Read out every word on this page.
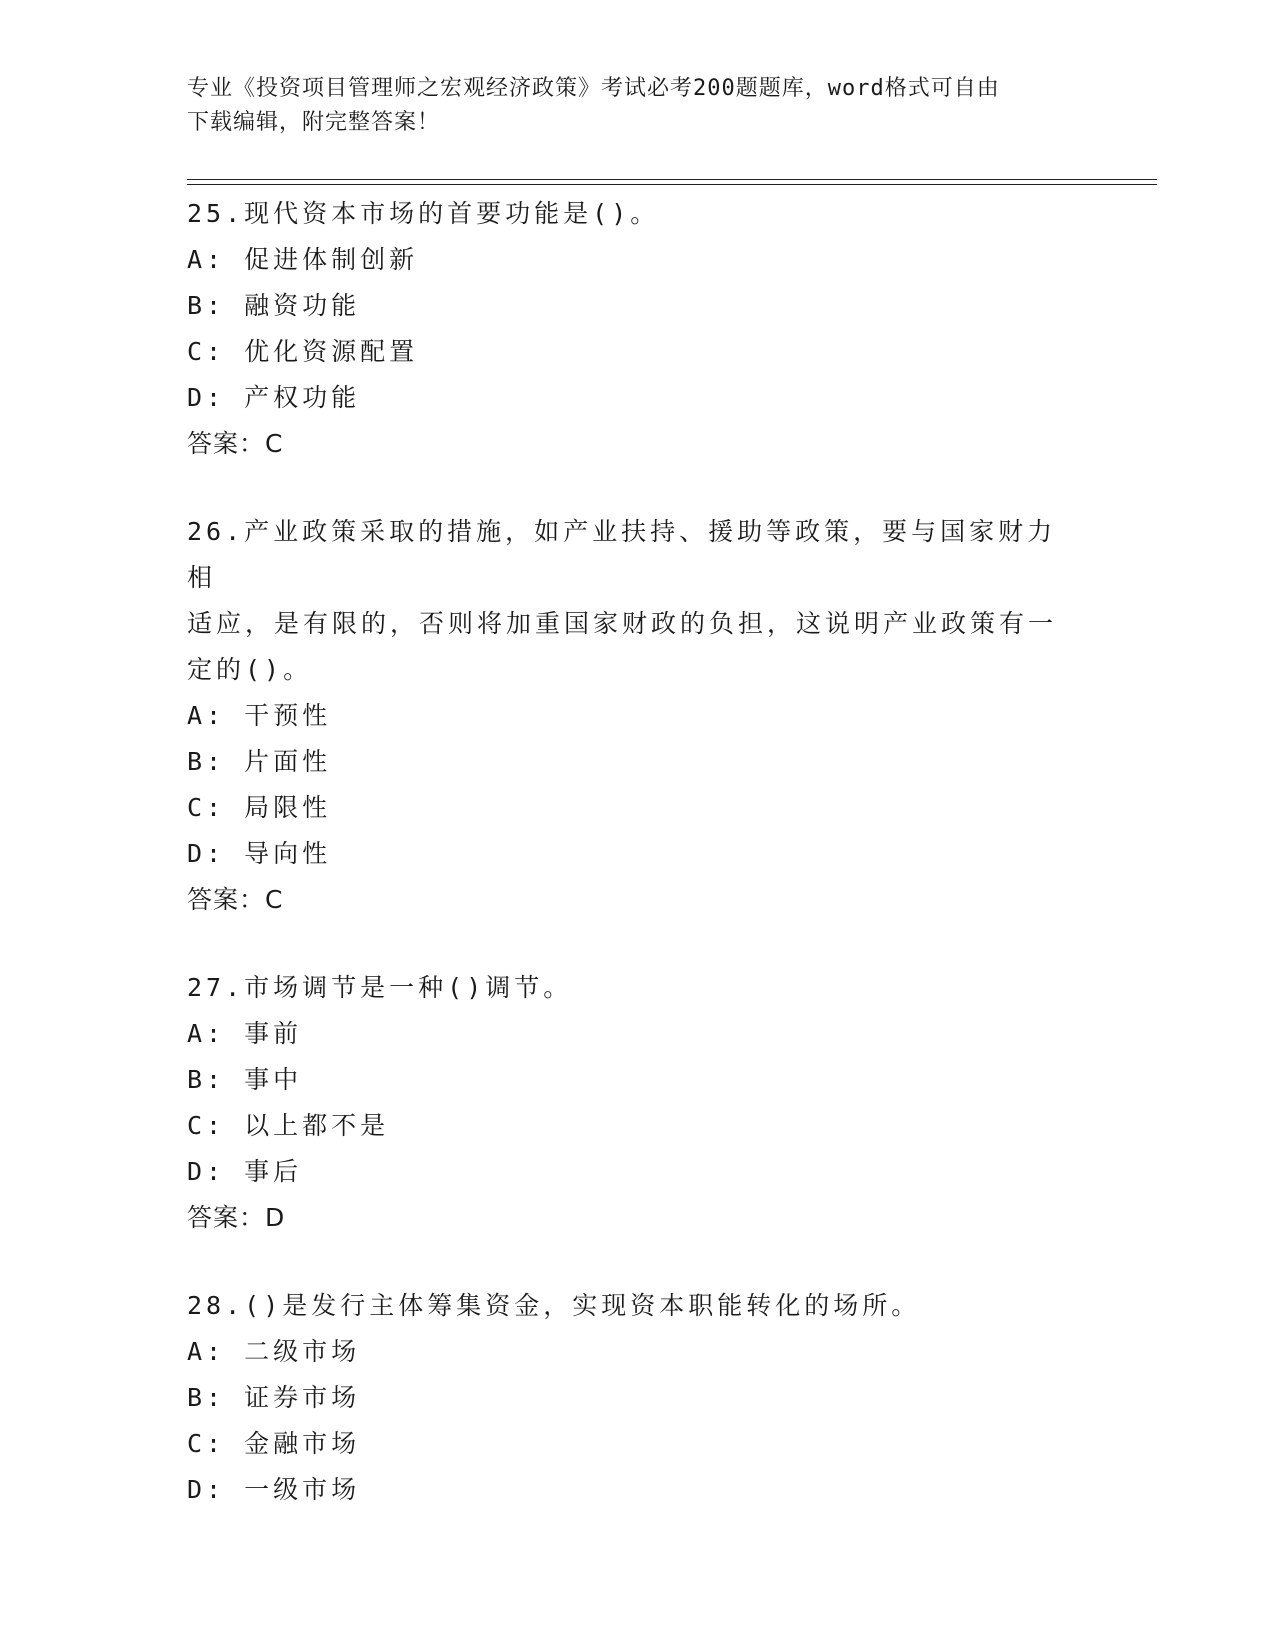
专业《投资项目管理师之宏观经济政策》考试必考200题题库，word格式可自由
下载编辑，附完整答案！

25.现代资本市场的首要功能是()。

A: 促进体制创新

B: 融资功能

C: 优化资源配置

D: 产权功能

答案：C

26.产业政策采取的措施，如产业扶持、援助等政策，要与国家财力相

适应，是有限的，否则将加重国家财政的负担，这说明产业政策有一

定的()。

A: 干预性

B: 片面性

C: 局限性

D: 导向性

答案：C

27.市场调节是一种()调节。

A: 事前

B: 事中

C: 以上都不是

D: 事后

答案：D

28.()是发行主体筹集资金，实现资本职能转化的场所。

A: 二级市场

B: 证券市场

C: 金融市场

D: 一级市场
